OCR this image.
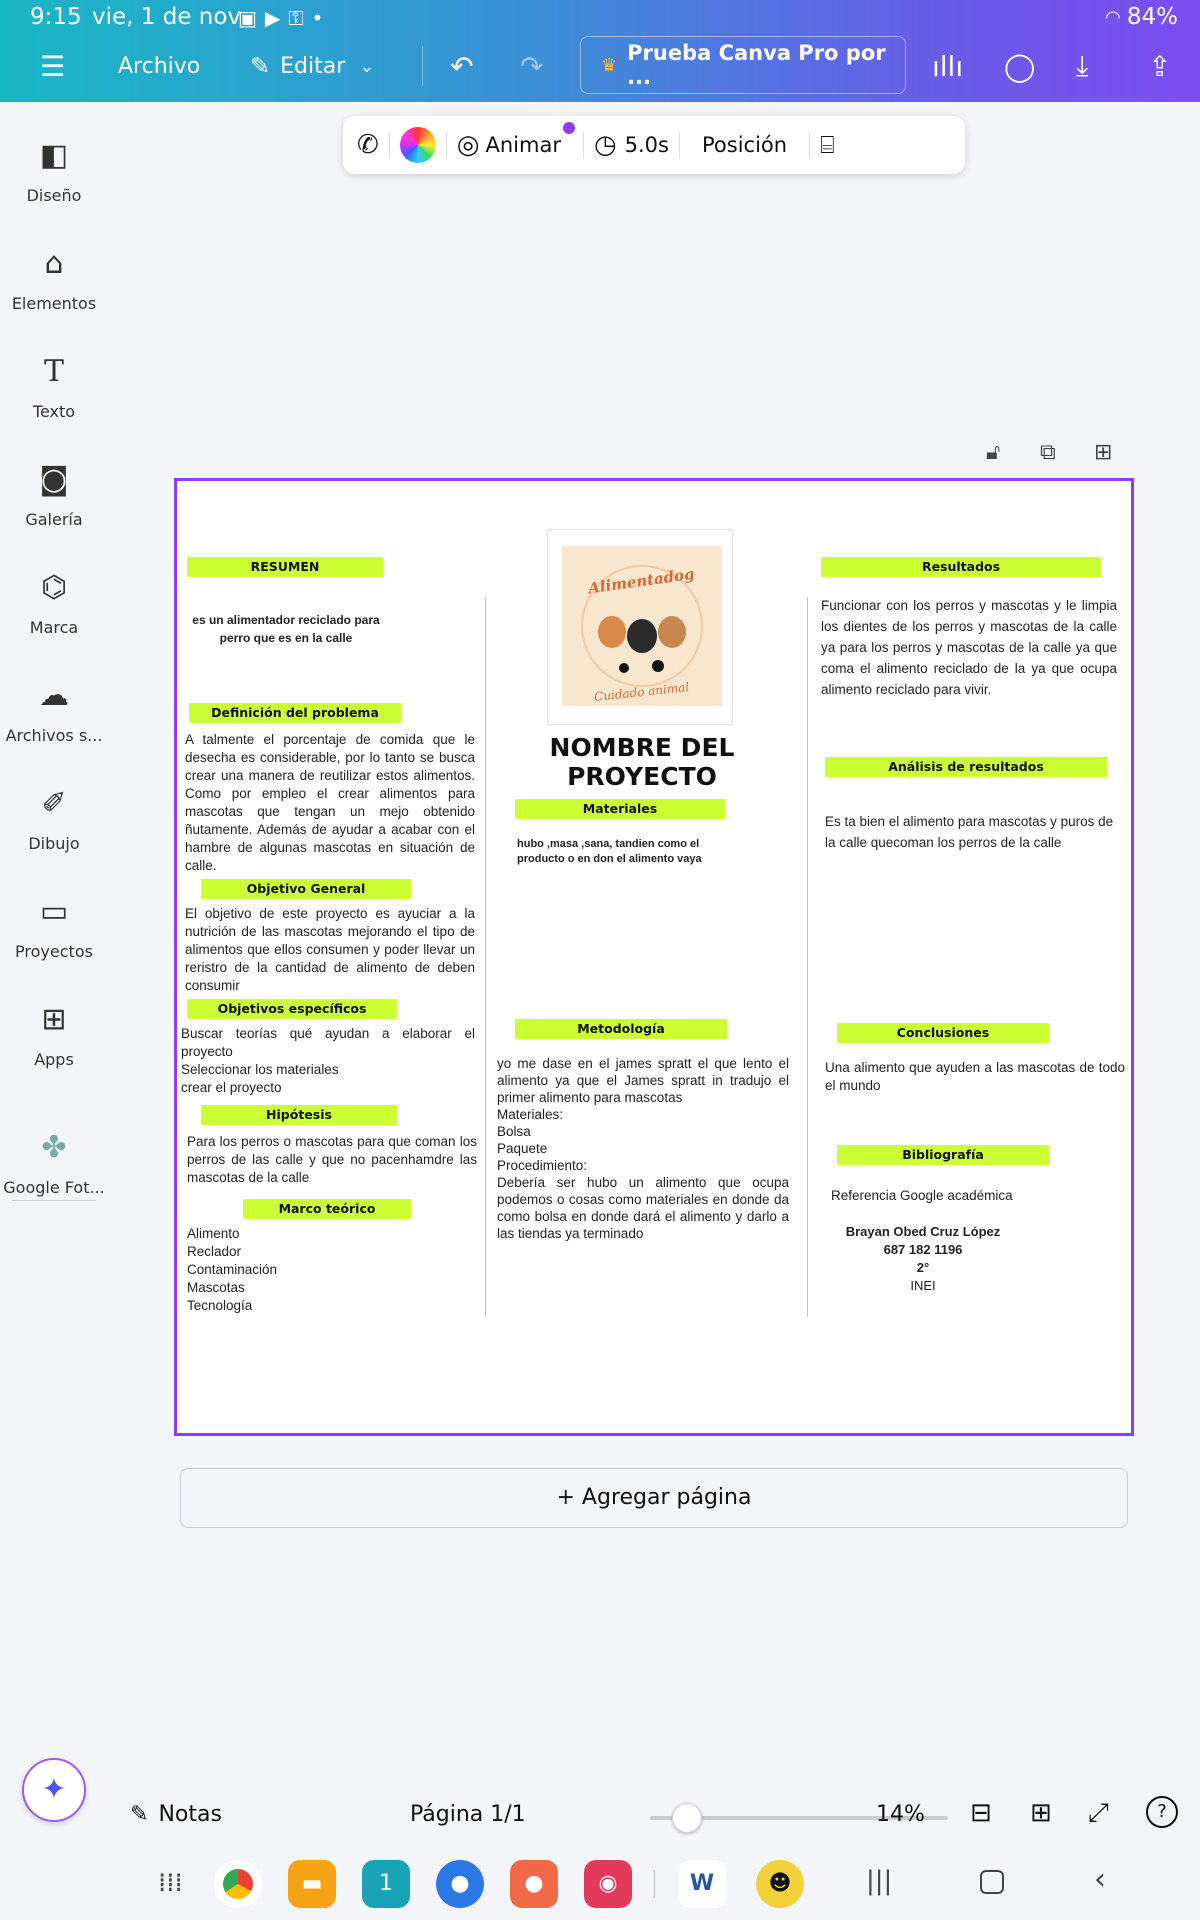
9:15 vie, 1 de nov
▣ ▶ ⚿ •	◠ 84%
☰ Archivo ✎ Editar ⌄	↶ ↷	♛ Prueba Canva Pro por ...	ıllı ◯ ⤓ ⇪
◧
Diseño
⌂
Elementos
T
Texto
◙
Galería
⌬
Marca
☁
Archivos s...
✐
Dibujo
▭
Proyectos
⊞
Apps
✤
Google Fot...
✆	◎ Animar ◷ 5.0s Posición ⌸
🔓︎ ⧉ ⊞
RESUMEN
es un alimentador reciclado para perro que es en la calle
Definición del problema
A talmente el porcentaje de comida que le desecha es considerable, por lo tanto se busca crear una manera de reutilizar estos alimentos. Como por empleo el crear alimentos para mascotas que tengan un mejo obtenido ñutamente. Además de ayudar a acabar con el hambre de algunas mascotas en situación de calle.
Objetivo General
El objetivo de este proyecto es ayuciar a la nutrición de las mascotas mejorando el tipo de alimentos que ellos consumen y poder llevar un reristro de la cantidad de alimento de deben consumir
Objetivos específicos
Buscar teorías qué ayudan a elaborar el proyecto
Seleccionar los materiales
crear el proyecto
Hipótesis
Para los perros o mascotas para que coman los perros de las calle y que no pacenhamdre las mascotas de la calle
Marco teórico
Alimento
Reclador
Contaminación
Mascotas
Tecnología
Alimentadog
Cuidado animal
NOMBRE DEL PROYECTO
Materiales
hubo ,masa ,sana, tandien como el producto o en don el alimento vaya
Metodología
yo me dase en el james spratt el que lento el alimento ya que el James spratt in tradujo el primer alimento para mascotas
Materiales:
Bolsa
Paquete
Procedimiento:
Debería ser hubo un alimento que ocupa podemos o cosas como materiales en donde da como bolsa en donde dará el alimento y darlo a las tiendas ya terminado
Resultados
Funcionar con los perros y mascotas y le limpia los dientes de los perros y mascotas de la calle ya para los perros y mascotas de la calle ya que coma el alimento reciclado de la ya que ocupa alimento reciclado para vivir.
Análisis de resultados
Es ta bien el alimento para mascotas y puros de la calle quecoman los perros de la calle
Conclusiones
Una alimento que ayuden a las mascotas de todo el mundo
Bibliografía
Referencia Google académica
Brayan Obed Cruz López
687 182 1196
2°
INEI
+ Agregar página
✦
✎ Notas	Página 1/1	14% ⊟ ⊞ ⤢	?
⁞⁞⁞	▬	1	●	●	◉	W	☻	|||	‹
